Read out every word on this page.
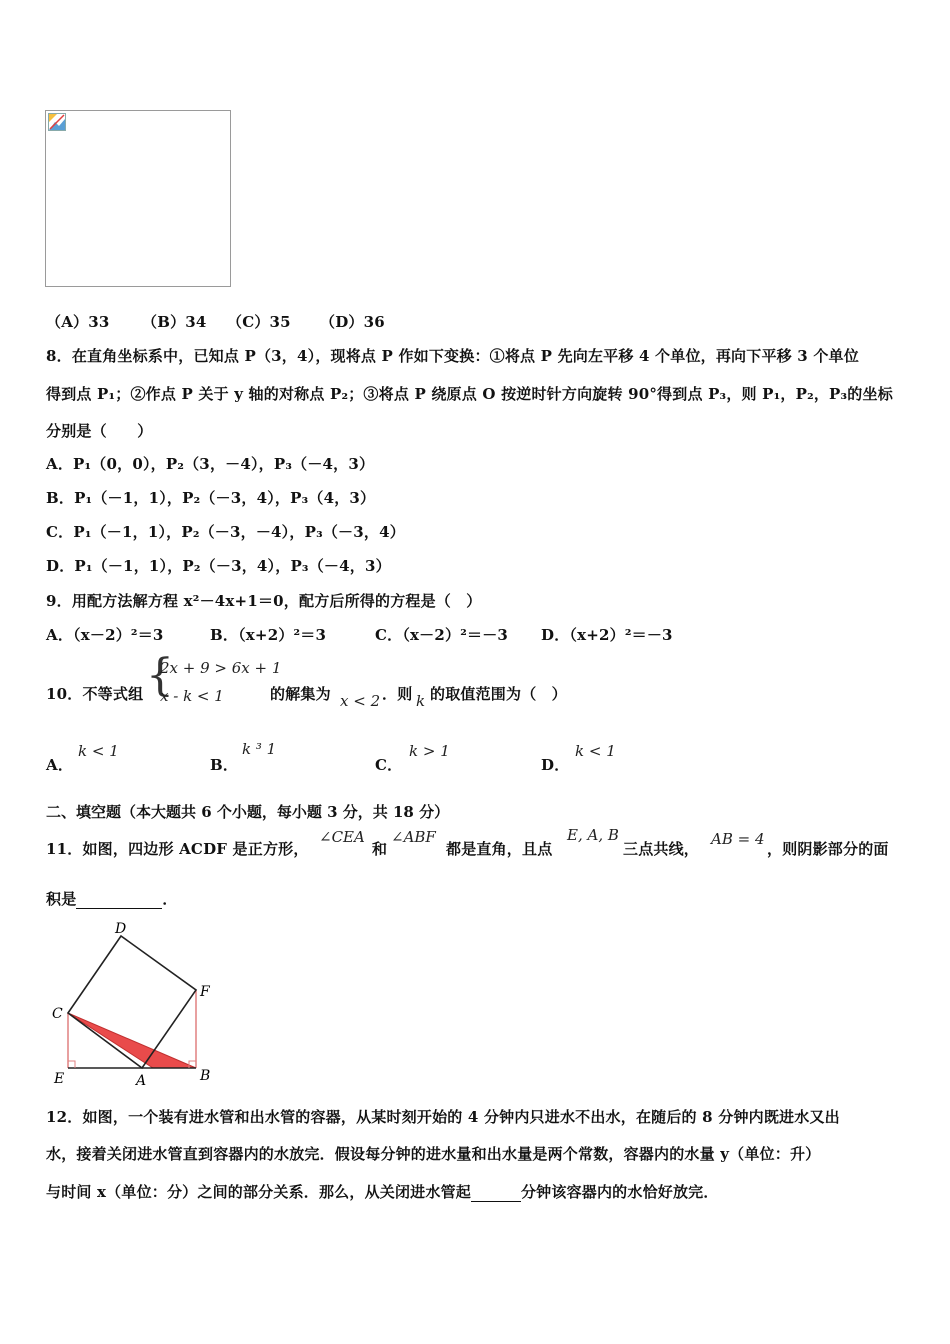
（A）33 （B）34 （C）35 （D）36
8．在直角坐标系中，已知点 P（3，4），现将点 P 作如下变换：①将点 P 先向左平移 4 个单位，再向下平移 3 个单位
得到点 P₁；②作点 P 关于 y 轴的对称点 P₂；③将点 P 绕原点 O 按逆时针方向旋转 90°得到点 P₃，则 P₁，P₂，P₃的坐标
分别是（　　）
A．P₁（0，0），P₂（3，－4），P₃（－4，3）
B．P₁（－1，1），P₂（－3，4），P₃（4，3）
C．P₁（－1，1），P₂（－3，－4），P₃（－3，4）
D．P₁（－1，1），P₂（－3，4），P₃（－4，3）
9．用配方法解方程 x²－4x+1＝0，配方后所得的方程是（　）
A．（x－2）²＝3	B．（x+2）²＝3	C．（x－2）²＝－3 D．（x+2）²＝－3
10．不等式组 {
2x + 9 > 6x + 1
x - k < 1	的解集为 x < 2 ．则 k 的取值范围为（　）
A．
k < 1
B．
k ³ 1
C．
k > 1
D．
k < 1
二、填空题（本大题共 6 个小题，每小题 3 分，共 18 分）
11．如图，四边形 ACDF 是正方形，
∠CEA
和
∠ABF
都是直角，且点
E, A, B
三点共线，
AB = 4
，则阴影部分的面
积是	．
D
F
C
E	A	B
12．如图，一个装有进水管和出水管的容器，从某时刻开始的 4 分钟内只进水不出水，在随后的 8 分钟内既进水又出
水，接着关闭进水管直到容器内的水放完．假设每分钟的进水量和出水量是两个常数，容器内的水量 y（单位：升）
与时间 x（单位：分）之间的部分关系．那么，从关闭进水管起	分钟该容器内的水恰好放完．
